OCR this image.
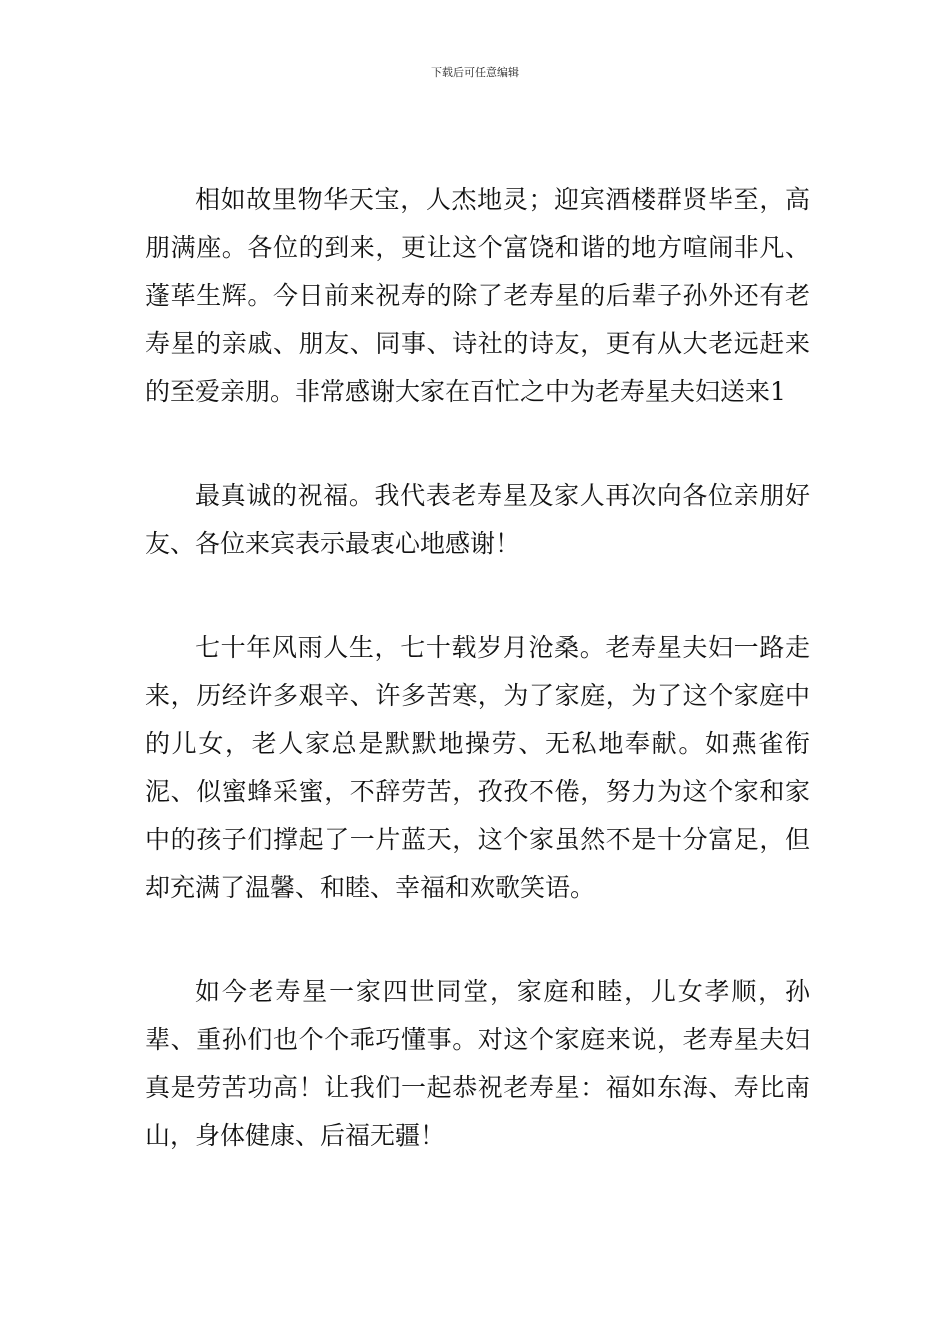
下载后可任意编辑

相如故里物华天宝，人杰地灵；迎宾酒楼群贤毕至，高朋满座。各位的到来，更让这个富饶和谐的地方喧闹非凡、蓬荜生辉。今日前来祝寿的除了老寿星的后辈子孙外还有老寿星的亲戚、朋友、同事、诗社的诗友，更有从大老远赶来的至爱亲朋。非常感谢大家在百忙之中为老寿星夫妇送来1

最真诚的祝福。我代表老寿星及家人再次向各位亲朋好友、各位来宾表示最衷心地感谢！

七十年风雨人生，七十载岁月沧桑。老寿星夫妇一路走来，历经许多艰辛、许多苦寒，为了家庭，为了这个家庭中的儿女，老人家总是默默地操劳、无私地奉献。如燕雀衔泥、似蜜蜂采蜜，不辞劳苦，孜孜不倦，努力为这个家和家中的孩子们撑起了一片蓝天，这个家虽然不是十分富足，但却充满了温馨、和睦、幸福和欢歌笑语。

如今老寿星一家四世同堂，家庭和睦，儿女孝顺，孙辈、重孙们也个个乖巧懂事。对这个家庭来说，老寿星夫妇真是劳苦功高！让我们一起恭祝老寿星：福如东海、寿比南山，身体健康、后福无疆！
